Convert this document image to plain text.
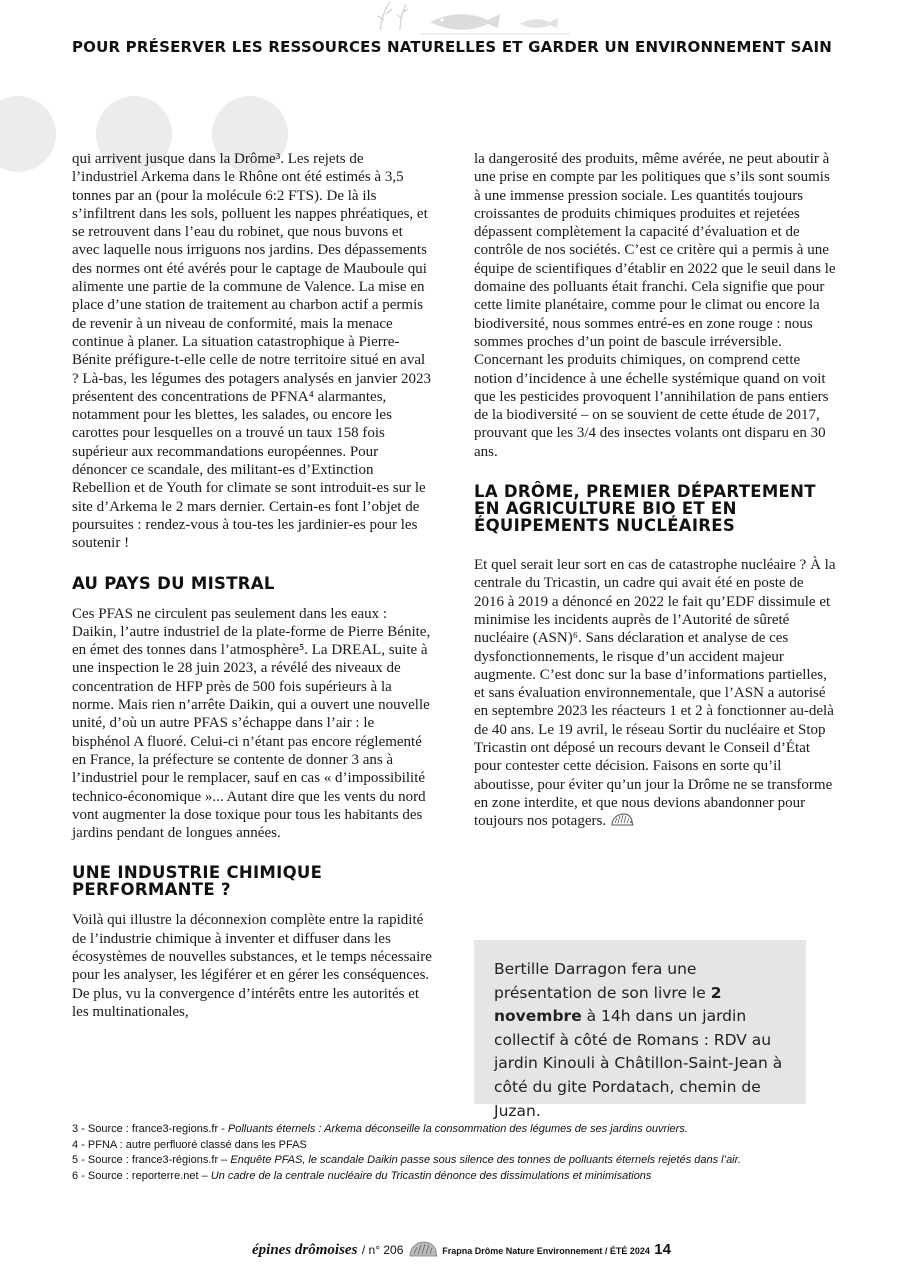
POUR PRÉSERVER LES RESSOURCES NATURELLES ET GARDER UN ENVIRONNEMENT SAIN

qui arrivent jusque dans la Drôme³. Les rejets de l’industriel Arkema dans le Rhône ont été estimés à 3,5 tonnes par an (pour la molécule 6:2 FTS). De là ils s’infiltrent dans les sols, polluent les nappes phréatiques, et se retrouvent dans l’eau du robinet, que nous buvons et avec laquelle nous irriguons nos jardins. Des dépassements des normes ont été avérés pour le captage de Mauboule qui alimente une partie de la commune de Valence. La mise en place d’une station de traitement au charbon actif a permis de revenir à un niveau de conformité, mais la menace continue à planer. La situation catastrophique à Pierre-Bénite préfigure-t-elle celle de notre territoire situé en aval ? Là-bas, les légumes des potagers analysés en janvier 2023 présentent des concentrations de PFNA⁴ alarmantes, notamment pour les blettes, les salades, ou encore les carottes pour lesquelles on a trouvé un taux 158 fois supérieur aux recommandations européennes. Pour dénoncer ce scandale, des militant-es d’Extinction Rebellion et de Youth for climate se sont introduit-es sur le site d’Arkema le 2 mars dernier. Certain-es font l’objet de poursuites : rendez-vous à tou-tes les jardinier-es pour les soutenir !

AU PAYS DU MISTRAL

Ces PFAS ne circulent pas seulement dans les eaux : Daikin, l’autre industriel de la plate-forme de Pierre Bénite, en émet des tonnes dans l’atmosphère⁵. La DREAL, suite à une inspection le 28 juin 2023, a révélé des niveaux de concentration de HFP près de 500 fois supérieurs à la norme. Mais rien n’arrête Daikin, qui a ouvert une nouvelle unité, d’où un autre PFAS s’échappe dans l’air : le bisphénol A fluoré. Celui-ci n’étant pas encore réglementé en France, la préfecture se contente de donner 3 ans à l’industriel pour le remplacer, sauf en cas « d’impossibilité technico-économique »... Autant dire que les vents du nord vont augmenter la dose toxique pour tous les habitants des jardins pendant de longues années.

UNE INDUSTRIE CHIMIQUE PERFORMANTE ?

Voilà qui illustre la déconnexion complète entre la rapidité de l’industrie chimique à inventer et diffuser dans les écosystèmes de nouvelles substances, et le temps nécessaire pour les analyser, les légiférer et en gérer les conséquences. De plus, vu la convergence d’intérêts entre les autorités et les multinationales,

la dangerosité des produits, même avérée, ne peut aboutir à une prise en compte par les politiques que s’ils sont soumis à une immense pression sociale. Les quantités toujours croissantes de produits chimiques produites et rejetées dépassent complètement la capacité d’évaluation et de contrôle de nos sociétés. C’est ce critère qui a permis à une équipe de scientifiques d’établir en 2022 que le seuil dans le domaine des polluants était franchi. Cela signifie que pour cette limite planétaire, comme pour le climat ou encore la biodiversité, nous sommes entré-es en zone rouge : nous sommes proches d’un point de bascule irréversible. Concernant les produits chimiques, on comprend cette notion d’incidence à une échelle systémique quand on voit que les pesticides provoquent l’annihilation de pans entiers de la biodiversité – on se souvient de cette étude de 2017, prouvant que les 3/4 des insectes volants ont disparu en 30 ans.

LA DRÔME, PREMIER DÉPARTEMENT EN AGRICULTURE BIO ET EN ÉQUIPEMENTS NUCLÉAIRES

Et quel serait leur sort en cas de catastrophe nucléaire ? À la centrale du Tricastin, un cadre qui avait été en poste de 2016 à 2019 a dénoncé en 2022 le fait qu’EDF dissimule et minimise les incidents auprès de l’Autorité de sûreté nucléaire (ASN)⁶. Sans déclaration et analyse de ces dysfonctionnements, le risque d’un accident majeur augmente. C’est donc sur la base d’informations partielles, et sans évaluation environnementale, que l’ASN a autorisé en septembre 2023 les réacteurs 1 et 2 à fonctionner au-delà de 40 ans. Le 19 avril, le réseau Sortir du nucléaire et Stop Tricastin ont déposé un recours devant le Conseil d’État pour contester cette décision. Faisons en sorte qu’il aboutisse, pour éviter qu’un jour la Drôme ne se transforme en zone interdite, et que nous devions abandonner pour toujours nos potagers.

Bertille Darragon fera une présentation de son livre le 2 novembre à 14h dans un jardin collectif à côté de Romans : RDV au jardin Kinouli à Châtillon-Saint-Jean à côté du gite Pordatach, chemin de Juzan.

3 - Source : france3-regions.fr - Polluants éternels : Arkema déconseille la consommation des légumes de ses jardins ouvriers.
4 - PFNA : autre perfluoré classé dans les PFAS
5 - Source : france3-régions.fr – Enquête PFAS, le scandale Daikin passe sous silence des tonnes de polluants éternels rejetés dans l’air.
6 - Source : reporterre.net – Un cadre de la centrale nucléaire du Tricastin dénonce des dissimulations et minimisations
épines drômoises / n° 206	Frapna Drôme Nature Environnement / ÉTÉ 2024 14
